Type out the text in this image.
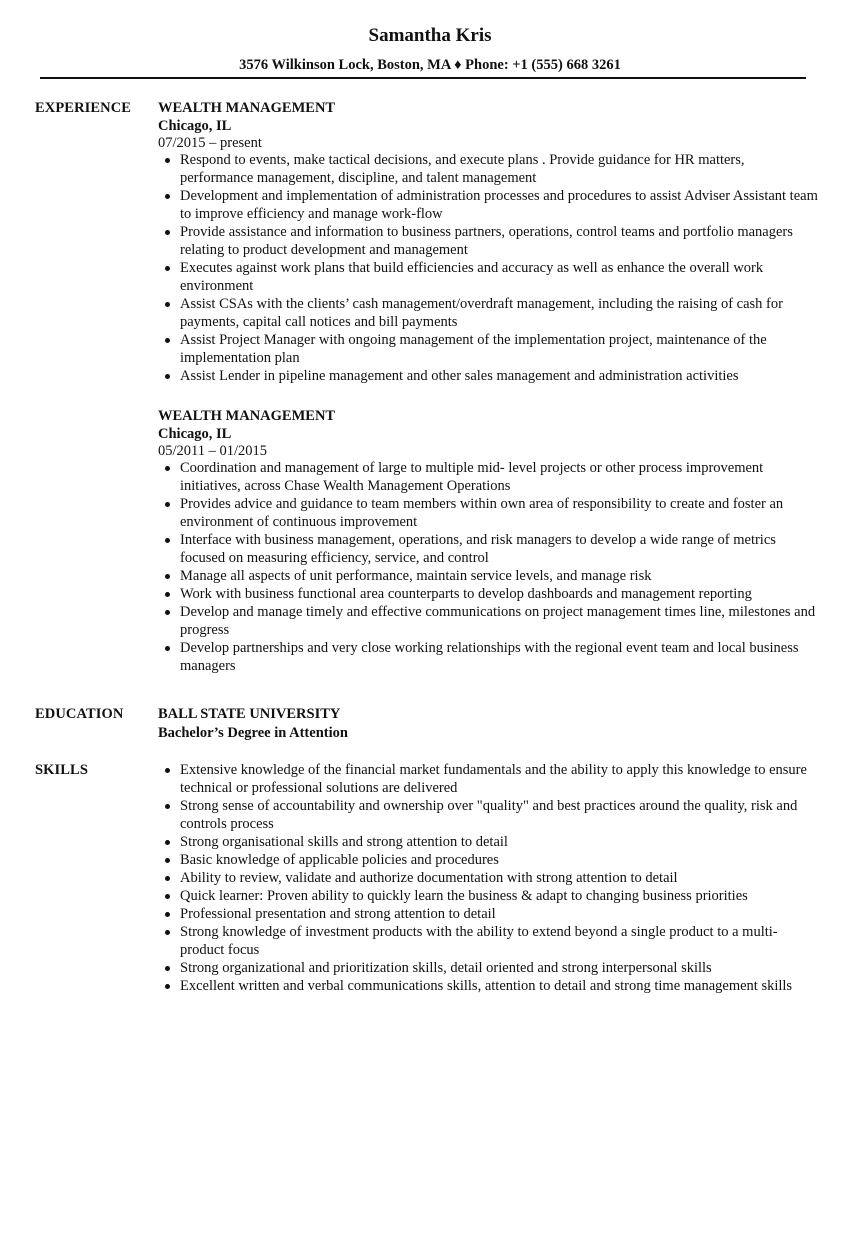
Samantha Kris
3576 Wilkinson Lock, Boston, MA ♦ Phone: +1 (555) 668 3261
EXPERIENCE WEALTH MANAGEMENT
Chicago, IL
07/2015 – present
Respond to events, make tactical decisions, and execute plans . Provide guidance for HR matters, performance management, discipline, and talent management
Development and implementation of administration processes and procedures to assist Adviser Assistant team to improve efficiency and manage work-flow
Provide assistance and information to business partners, operations, control teams and portfolio managers relating to product development and management
Executes against work plans that build efficiencies and accuracy as well as enhance the overall work environment
Assist CSAs with the clients’ cash management/overdraft management, including the raising of cash for payments, capital call notices and bill payments
Assist Project Manager with ongoing management of the implementation project, maintenance of the implementation plan
Assist Lender in pipeline management and other sales management and administration activities
WEALTH MANAGEMENT
Chicago, IL
05/2011 – 01/2015
Coordination and management of large to multiple mid- level projects or other process improvement initiatives, across Chase Wealth Management Operations
Provides advice and guidance to team members within own area of responsibility to create and foster an environment of continuous improvement
Interface with business management, operations, and risk managers to develop a wide range of metrics focused on measuring efficiency, service, and control
Manage all aspects of unit performance, maintain service levels, and manage risk
Work with business functional area counterparts to develop dashboards and management reporting
Develop and manage timely and effective communications on project management times line, milestones and progress
Develop partnerships and very close working relationships with the regional event team and local business managers
EDUCATION BALL STATE UNIVERSITY
Bachelor’s Degree in Attention
SKILLS	Extensive knowledge of the financial market fundamentals and the ability to apply this knowledge to ensure technical or professional solutions are delivered
Strong sense of accountability and ownership over "quality" and best practices around the quality, risk and controls process
Strong organisational skills and strong attention to detail
Basic knowledge of applicable policies and procedures
Ability to review, validate and authorize documentation with strong attention to detail
Quick learner: Proven ability to quickly learn the business & adapt to changing business priorities
Professional presentation and strong attention to detail
Strong knowledge of investment products with the ability to extend beyond a single product to a multi-product focus
Strong organizational and prioritization skills, detail oriented and strong interpersonal skills
Excellent written and verbal communications skills, attention to detail and strong time management skills
